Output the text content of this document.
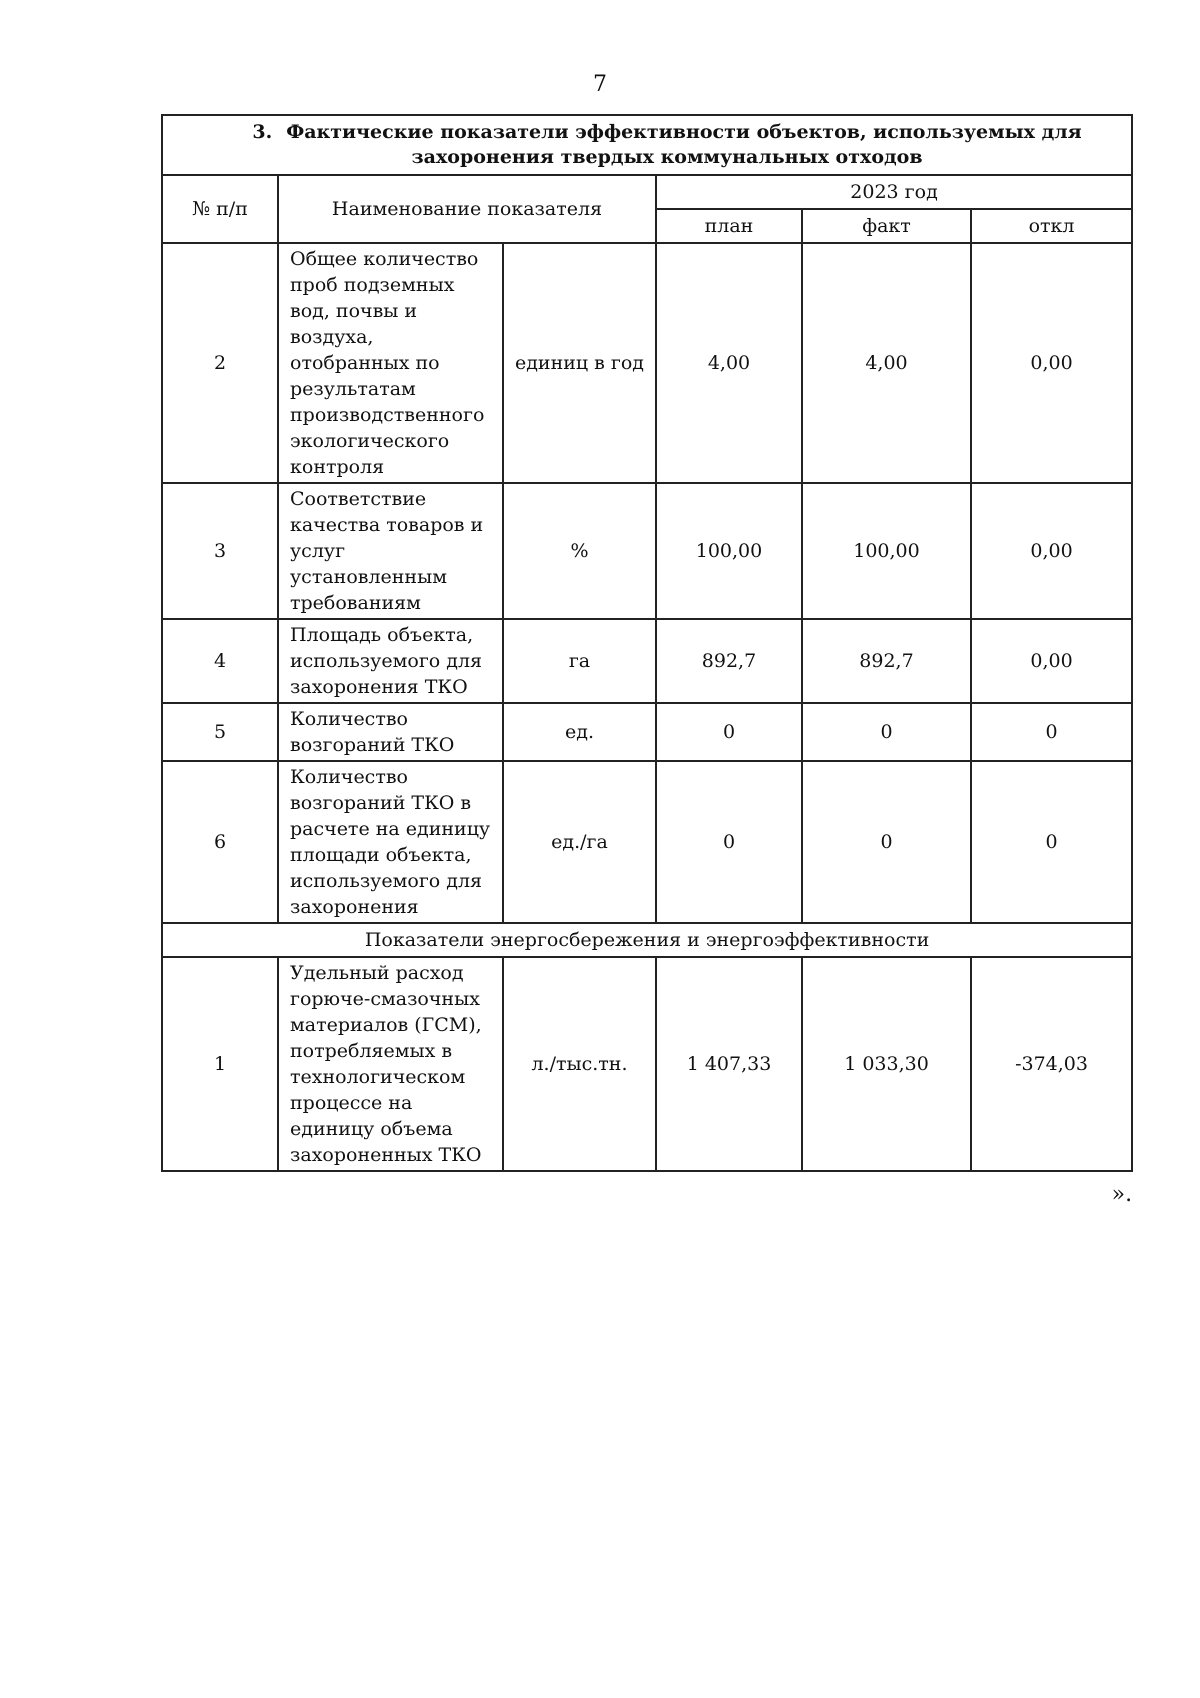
7
3. Фактические показатели эффективности объектов, используемых для захоронения твердых коммунальных отходов					
№ п/п	Наименование показателя		2023 год		
			план	факт	откл
2	Общее количество проб подземных вод, почвы и воздуха, отобранных по результатам производственного экологического контроля	единиц в год	4,00	4,00	0,00
3	Соответствие качества товаров и услуг установленным требованиям	%	100,00	100,00	0,00
4	Площадь объекта, используемого для захоронения ТКО	га	892,7	892,7	0,00
5	Количество возгораний ТКО	ед.	0	0	0
6	Количество возгораний ТКО в расчете на единицу площади объекта, используемого для захоронения	ед./га	0	0	0
Показатели энергосбережения и энергоэффективности					
1	Удельный расход горюче-смазочных материалов (ГСМ), потребляемых в технологическом процессе на единицу объема захороненных ТКО	л./тыс.тн.	1 407,33	1 033,30	-374,03
».					
